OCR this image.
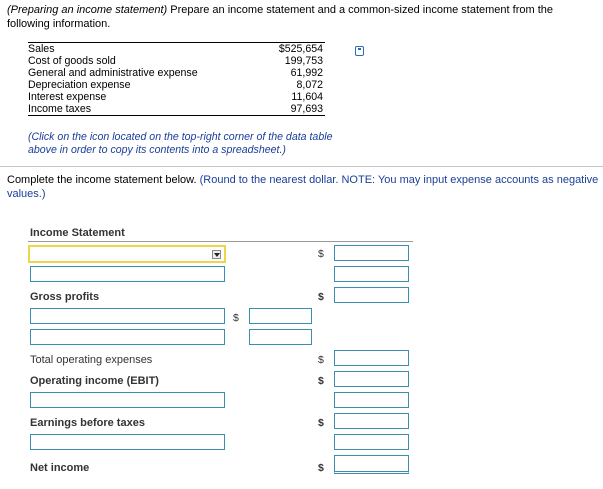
(Preparing an income statement) Prepare an income statement and a common-sized income statement from the following information.
Sales	$525,654
Cost of goods sold	199,753
General and administrative expense	61,992
Depreciation expense	8,072
Interest expense	11,604
Income taxes	97,693
(Click on the icon located on the top-right corner of the data table above in order to copy its contents into a spreadsheet.)
Complete the income statement below. (Round to the nearest dollar. NOTE: You may input expense accounts as negative values.)
Income Statement
$
Gross profits	$
$
Total operating expenses	$
Operating income (EBIT)	$
Earnings before taxes	$
Net income	$
